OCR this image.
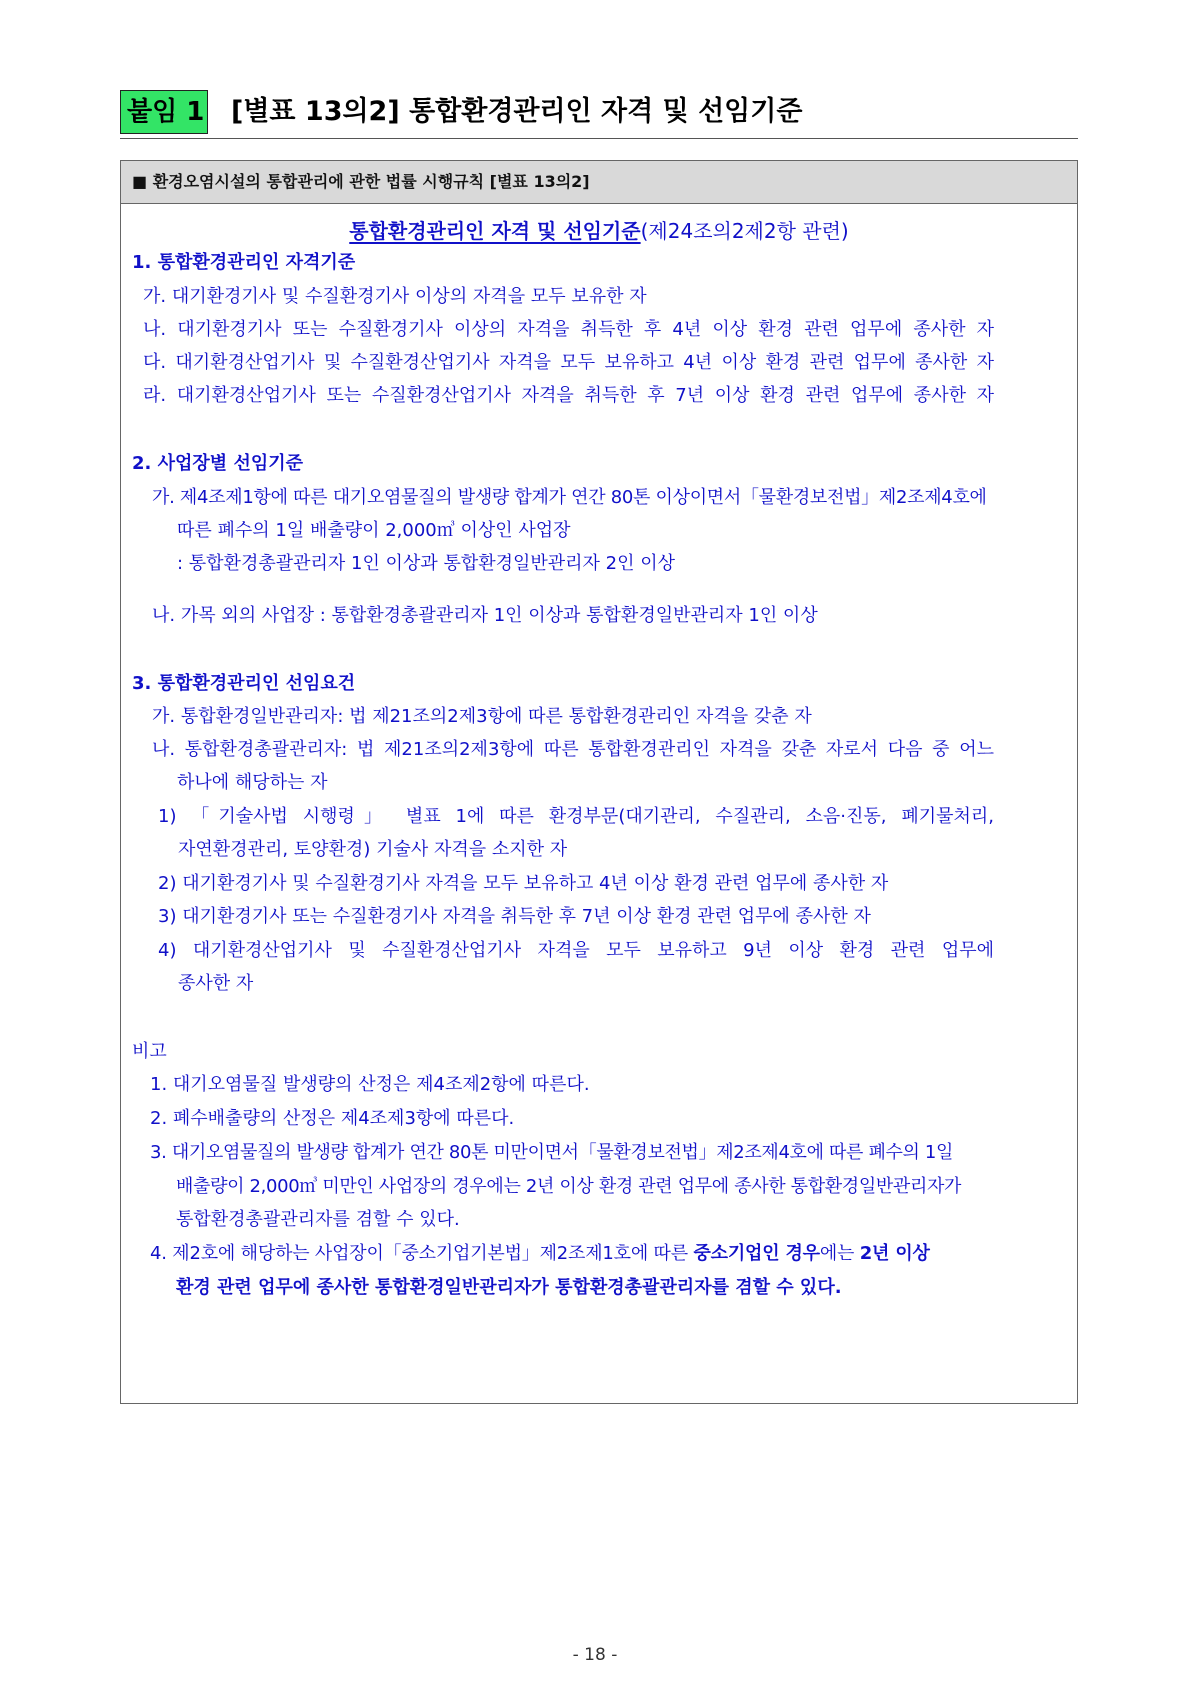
붙임 1 [별표 13의2] 통합환경관리인 자격 및 선임기준
■ 환경오염시설의 통합관리에 관한 법률 시행규칙 [별표 13의2]
통합환경관리인 자격 및 선임기준(제24조의2제2항 관련)
1. 통합환경관리인 자격기준
가. 대기환경기사 및 수질환경기사 이상의 자격을 모두 보유한 자
나. 대기환경기사 또는 수질환경기사 이상의 자격을 취득한 후 4년 이상 환경 관련 업무에 종사한 자
다. 대기환경산업기사 및 수질환경산업기사 자격을 모두 보유하고 4년 이상 환경 관련 업무에 종사한 자
라. 대기환경산업기사 또는 수질환경산업기사 자격을 취득한 후 7년 이상 환경 관련 업무에 종사한 자
2. 사업장별 선임기준
가. 제4조제1항에 따른 대기오염물질의 발생량 합계가 연간 80톤 이상이면서「물환경보전법」제2조제4호에
따른 폐수의 1일 배출량이 2,000㎥ 이상인 사업장
: 통합환경총괄관리자 1인 이상과 통합환경일반관리자 2인 이상
나. 가목 외의 사업장 : 통합환경총괄관리자 1인 이상과 통합환경일반관리자 1인 이상
3. 통합환경관리인 선임요건
가. 통합환경일반관리자: 법 제21조의2제3항에 따른 통합환경관리인 자격을 갖춘 자
나. 통합환경총괄관리자: 법 제21조의2제3항에 따른 통합환경관리인 자격을 갖춘 자로서 다음 중 어느
하나에 해당하는 자
1) 「기술사법 시행령」 별표 1에 따른 환경부문(대기관리, 수질관리, 소음·진동, 폐기물처리,
자연환경관리, 토양환경) 기술사 자격을 소지한 자
2) 대기환경기사 및 수질환경기사 자격을 모두 보유하고 4년 이상 환경 관련 업무에 종사한 자
3) 대기환경기사 또는 수질환경기사 자격을 취득한 후 7년 이상 환경 관련 업무에 종사한 자
4) 대기환경산업기사 및 수질환경산업기사 자격을 모두 보유하고 9년 이상 환경 관련 업무에
종사한 자
비고
1. 대기오염물질 발생량의 산정은 제4조제2항에 따른다.
2. 폐수배출량의 산정은 제4조제3항에 따른다.
3. 대기오염물질의 발생량 합계가 연간 80톤 미만이면서「물환경보전법」제2조제4호에 따른 폐수의 1일
배출량이 2,000㎥ 미만인 사업장의 경우에는 2년 이상 환경 관련 업무에 종사한 통합환경일반관리자가
통합환경총괄관리자를 겸할 수 있다.
4. 제2호에 해당하는 사업장이「중소기업기본법」제2조제1호에 따른 중소기업인 경우에는 2년 이상
환경 관련 업무에 종사한 통합환경일반관리자가 통합환경총괄관리자를 겸할 수 있다.
- 18 -
